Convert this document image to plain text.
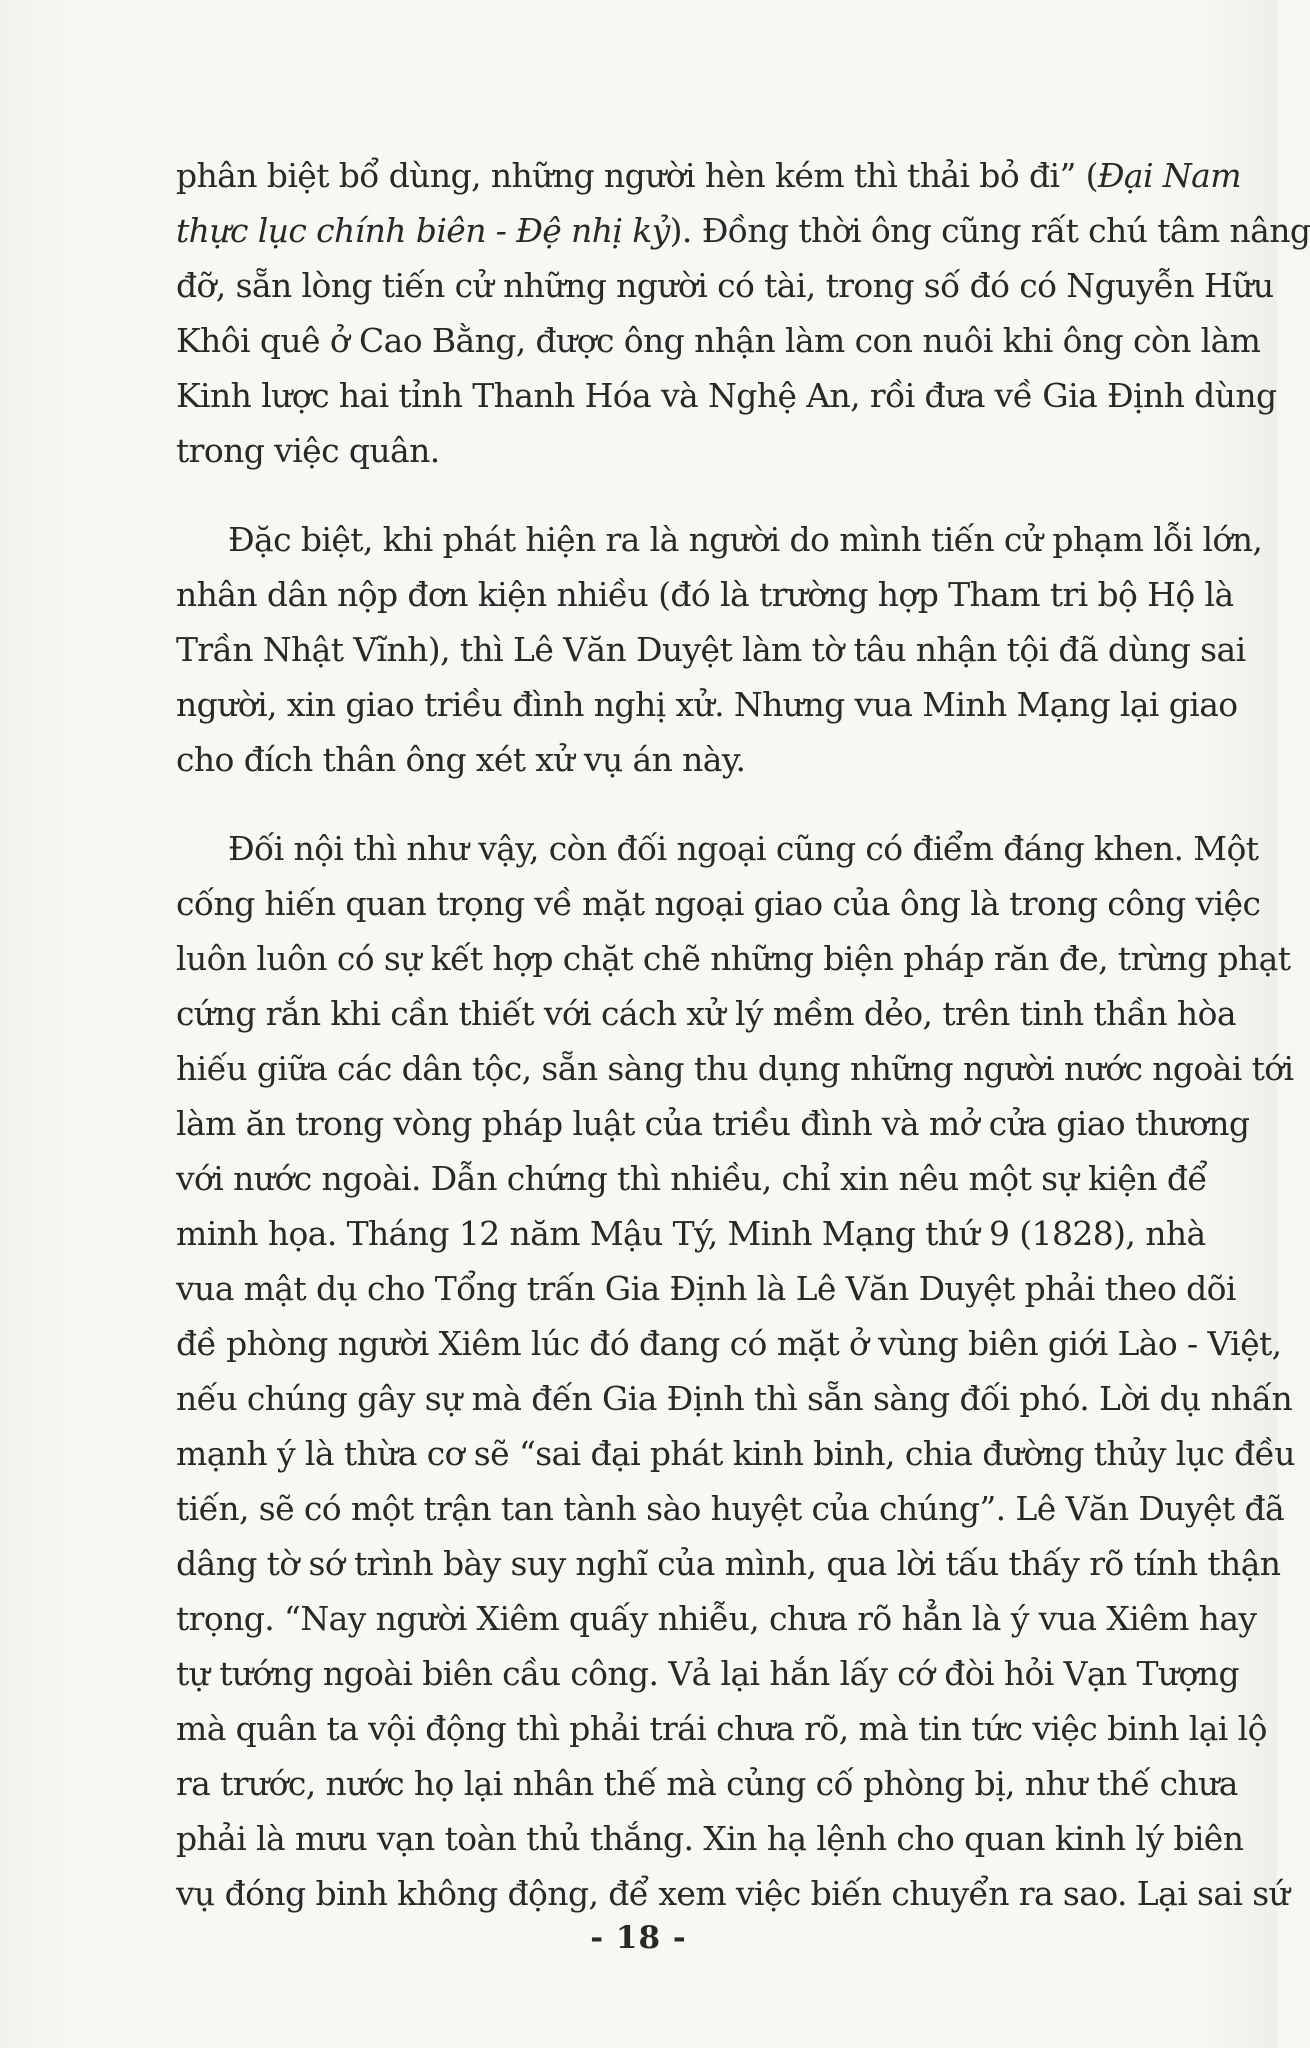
phân biệt bổ dùng, những người hèn kém thì thải bỏ đi” (Đại Nam
thực lục chính biên - Đệ nhị kỷ). Đồng thời ông cũng rất chú tâm nâng
đỡ, sẵn lòng tiến cử những người có tài, trong số đó có Nguyễn Hữu
Khôi quê ở Cao Bằng, được ông nhận làm con nuôi khi ông còn làm
Kinh lược hai tỉnh Thanh Hóa và Nghệ An, rồi đưa về Gia Định dùng
trong việc quân.

Đặc biệt, khi phát hiện ra là người do mình tiến cử phạm lỗi lớn,
nhân dân nộp đơn kiện nhiều (đó là trường hợp Tham tri bộ Hộ là
Trần Nhật Vĩnh), thì Lê Văn Duyệt làm tờ tâu nhận tội đã dùng sai
người, xin giao triều đình nghị xử. Nhưng vua Minh Mạng lại giao
cho đích thân ông xét xử vụ án này.

Đối nội thì như vậy, còn đối ngoại cũng có điểm đáng khen. Một
cống hiến quan trọng về mặt ngoại giao của ông là trong công việc
luôn luôn có sự kết hợp chặt chẽ những biện pháp răn đe, trừng phạt
cứng rắn khi cần thiết với cách xử lý mềm dẻo, trên tinh thần hòa
hiếu giữa các dân tộc, sẵn sàng thu dụng những người nước ngoài tới
làm ăn trong vòng pháp luật của triều đình và mở cửa giao thương
với nước ngoài. Dẫn chứng thì nhiều, chỉ xin nêu một sự kiện để
minh họa. Tháng 12 năm Mậu Tý, Minh Mạng thứ 9 (1828), nhà
vua mật dụ cho Tổng trấn Gia Định là Lê Văn Duyệt phải theo dõi
đề phòng người Xiêm lúc đó đang có mặt ở vùng biên giới Lào - Việt,
nếu chúng gây sự mà đến Gia Định thì sẵn sàng đối phó. Lời dụ nhấn
mạnh ý là thừa cơ sẽ “sai đại phát kinh binh, chia đường thủy lục đều
tiến, sẽ có một trận tan tành sào huyệt của chúng”. Lê Văn Duyệt đã
dâng tờ sớ trình bày suy nghĩ của mình, qua lời tấu thấy rõ tính thận
trọng. “Nay người Xiêm quấy nhiễu, chưa rõ hẳn là ý vua Xiêm hay
tự tướng ngoài biên cầu công. Vả lại hắn lấy cớ đòi hỏi Vạn Tượng
mà quân ta vội động thì phải trái chưa rõ, mà tin tức việc binh lại lộ
ra trước, nước họ lại nhân thế mà củng cố phòng bị, như thế chưa
phải là mưu vạn toàn thủ thắng. Xin hạ lệnh cho quan kinh lý biên
vụ đóng binh không động, để xem việc biến chuyển ra sao. Lại sai sứ

- 18 -
